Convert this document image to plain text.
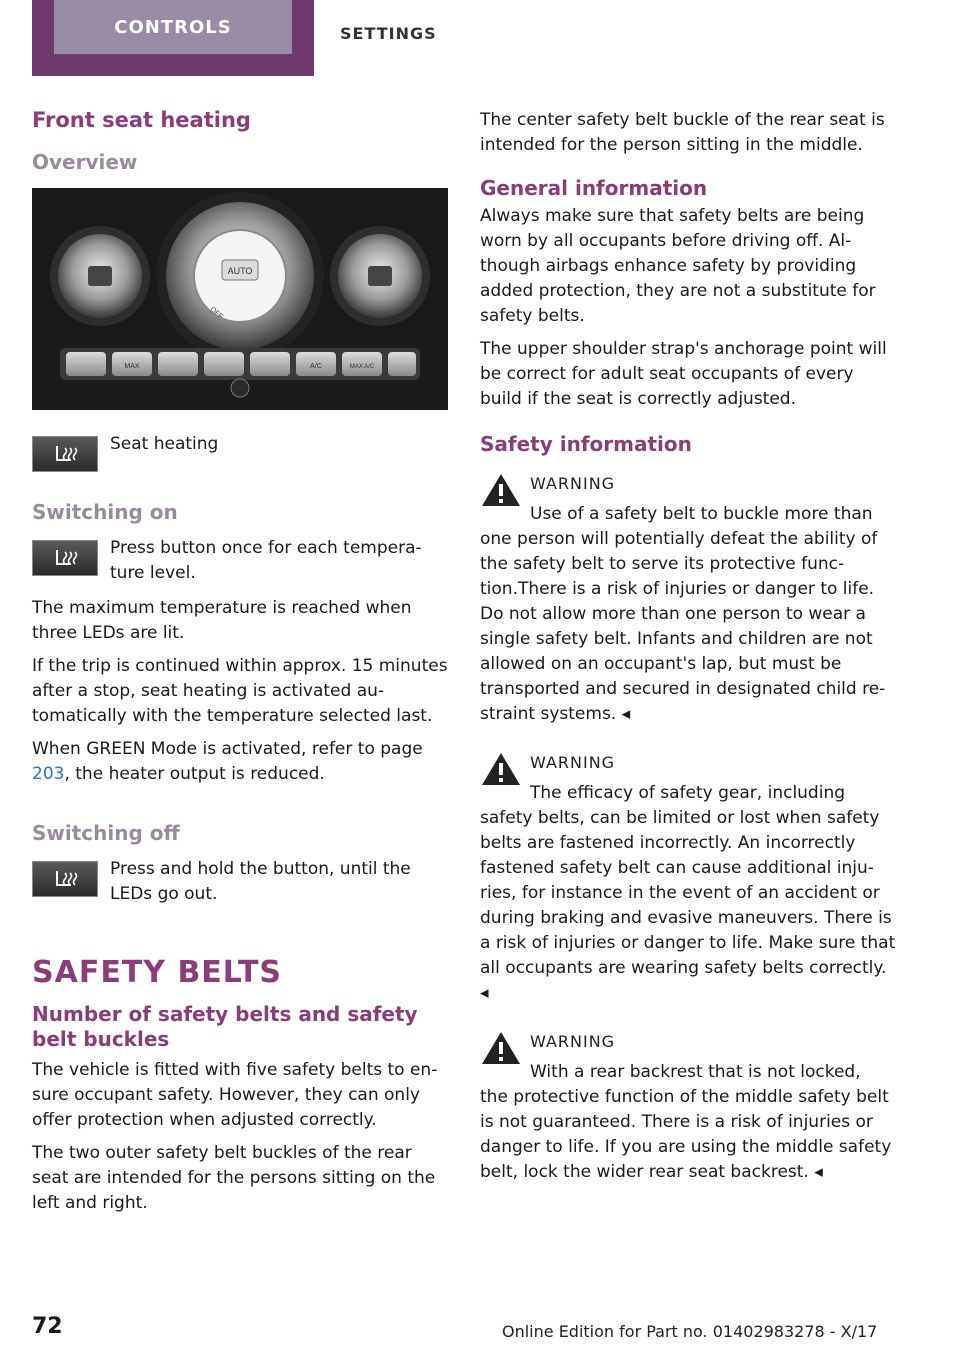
CONTROLS	SETTINGS
Front seat heating
Overview
AUTO
OFF
MAX	A/C	MAX A/C

Seat heating

Switching on

Press button once for each temperature level.

The maximum temperature is reached when three LEDs are lit.

If the trip is continued within approx. 15 minutes after a stop, seat heating is activated automatically with the temperature selected last.

When GREEN Mode is activated, refer to page 203, the heater output is reduced.

Switching off

Press and hold the button, until the LEDs go out.

SAFETY BELTS
Number of safety belts and safety belt buckles

The vehicle is fitted with five safety belts to ensure occupant safety. However, they can only offer protection when adjusted correctly.

The two outer safety belt buckles of the rear seat are intended for the persons sitting on the left and right.

The center safety belt buckle of the rear seat is intended for the person sitting in the middle.

General information

Always make sure that safety belts are being worn by all occupants before driving off. Although airbags enhance safety by providing added protection, they are not a substitute for safety belts.

The upper shoulder strap's anchorage point will be correct for adult seat occupants of every build if the seat is correctly adjusted.

Safety information
WARNING

Use of a safety belt to buckle more than

one person will potentially defeat the ability of the safety belt to serve its protective function.There is a risk of injuries or danger to life. Do not allow more than one person to wear a single safety belt. Infants and children are not allowed on an occupant's lap, but must be transported and secured in designated child restraint systems. ◂

WARNING

The efficacy of safety gear, including

safety belts, can be limited or lost when safety belts are fastened incorrectly. An incorrectly fastened safety belt can cause additional injuries, for instance in the event of an accident or during braking and evasive maneuvers. There is a risk of injuries or danger to life. Make sure that all occupants are wearing safety belts correctly. ◂

WARNING

With a rear backrest that is not locked,

the protective function of the middle safety belt is not guaranteed. There is a risk of injuries or danger to life. If you are using the middle safety belt, lock the wider rear seat backrest. ◂

72	Online Edition for Part no. 01402983278 - X/17
